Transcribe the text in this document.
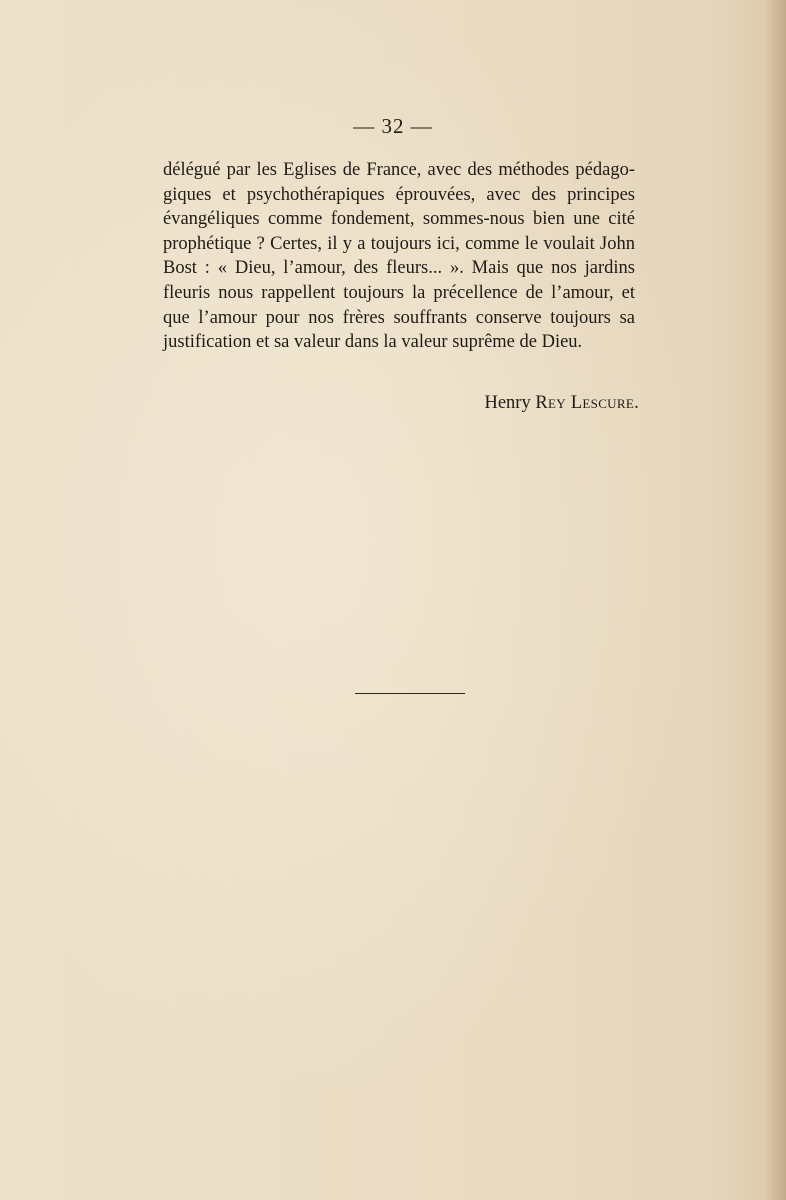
— 32 —
délégué par les Eglises de France, avec des méthodes pédago-
giques et psychothérapiques éprouvées, avec des principes
évangéliques comme fondement, sommes-nous bien une cité
prophétique ? Certes, il y a toujours ici, comme le voulait John
Bost : « Dieu, l’amour, des fleurs... ». Mais que nos jardins
fleuris nous rappellent toujours la précellence de l’amour, et
que l’amour pour nos frères souffrants conserve toujours sa
justification et sa valeur dans la valeur suprême de Dieu.
Henry Rey Lescure.
